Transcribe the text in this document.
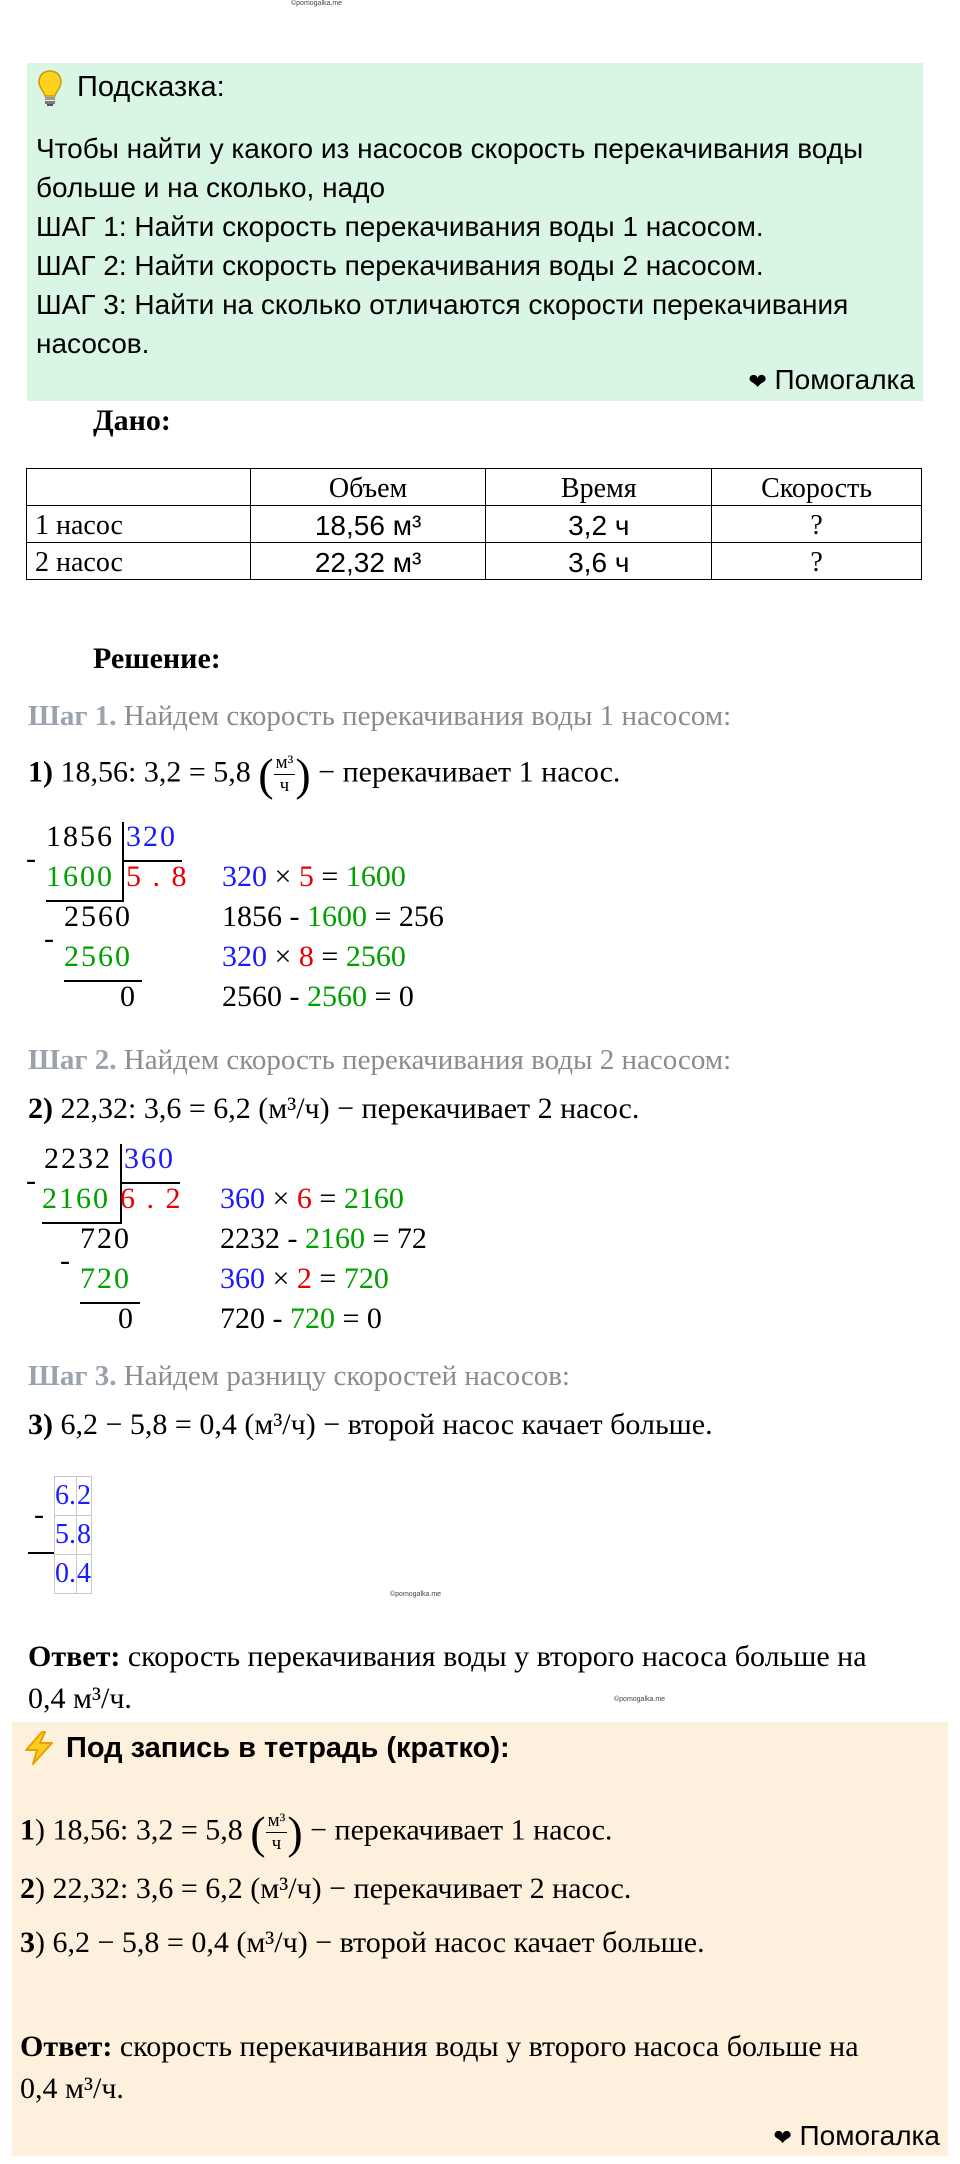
©pomogalka.me
Подсказка:
Чтобы найти у какого из насосов скорость перекачивания воды
больше и на сколько, надо
ШАГ 1: Найти скорость перекачивания воды 1 насосом.
ШАГ 2: Найти скорость перекачивания воды 2 насосом.
ШАГ 3: Найти на сколько отличаются скорости перекачивания
насосов.
❤ Помогалка
Дано:
	Объем	Время	Скорость
1 насос	18,56 м³	3,2 ч	?
2 насос	22,32 м³	3,6 ч	?
Решение:
Шаг 1. Найдем скорость перекачивания воды 1 насосом:
1) 18,56: 3,2 = 5,8 ( $\frac{\text{м³}}{ч}$ ) − перекачивает 1 насос.
1856 320
-
1600 5 . 8
2560
-
2560
0
320 × 5 = 1600
1856 - 1600 = 256
320 × 8 = 2560
2560 - 2560 = 0
Шаг 2. Найдем скорость перекачивания воды 2 насосом:
2) 22,32: 3,6 = 6,2 (м³/ч) − перекачивает 2 насос.
2232 360
-
2160 6 . 2
720
-
720
0
360 × 6 = 2160
2232 - 2160 = 72
360 × 2 = 720
720 - 720 = 0
Шаг 3. Найдем разницу скоростей насосов:
3) 6,2 − 5,8 = 0,4 (м³/ч) − второй насос качает больше.
-
6.	2
5.	8
0.	4
©pomogalka.me
Ответ: скорость перекачивания воды у второго насоса больше на
0,4 м³/ч.	©pomogalka.me
Под запись в тетрадь (кратко):
1) 18,56: 3,2 = 5,8 ( $\frac{\text{м³}}{ч}$ ) − перекачивает 1 насос.
2) 22,32: 3,6 = 6,2 (м³/ч) − перекачивает 2 насос.
3) 6,2 − 5,8 = 0,4 (м³/ч) − второй насос качает больше.
Ответ: скорость перекачивания воды у второго насоса больше на
0,4 м³/ч.
❤ Помогалка
